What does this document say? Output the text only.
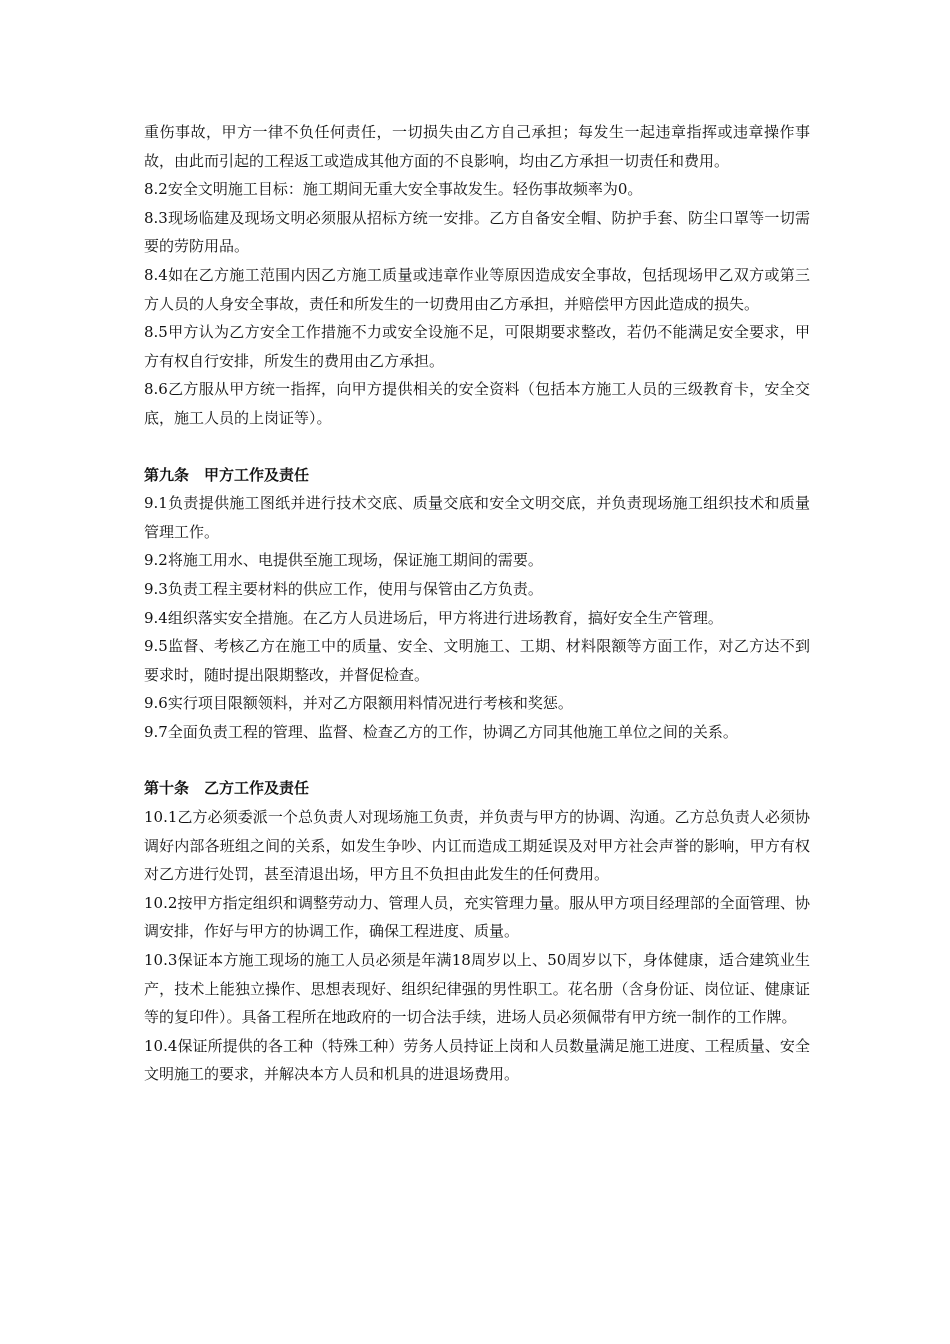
重伤事故，甲方一律不负任何责任，一切损失由乙方自己承担；每发生一起违章指挥或违章操作事故，由此而引起的工程返工或造成其他方面的不良影响，均由乙方承担一切责任和费用。

8.2安全文明施工目标：施工期间无重大安全事故发生。轻伤事故频率为0。

8.3现场临建及现场文明必须服从招标方统一安排。乙方自备安全帽、防护手套、防尘口罩等一切需要的劳防用品。

8.4如在乙方施工范围内因乙方施工质量或违章作业等原因造成安全事故，包括现场甲乙双方或第三方人员的人身安全事故，责任和所发生的一切费用由乙方承担，并赔偿甲方因此造成的损失。

8.5甲方认为乙方安全工作措施不力或安全设施不足，可限期要求整改，若仍不能满足安全要求，甲方有权自行安排，所发生的费用由乙方承担。

8.6乙方服从甲方统一指挥，向甲方提供相关的安全资料（包括本方施工人员的三级教育卡，安全交底，施工人员的上岗证等）。

第九条　甲方工作及责任

9.1负责提供施工图纸并进行技术交底、质量交底和安全文明交底，并负责现场施工组织技术和质量管理工作。

9.2将施工用水、电提供至施工现场，保证施工期间的需要。

9.3负责工程主要材料的供应工作，使用与保管由乙方负责。

9.4组织落实安全措施。在乙方人员进场后，甲方将进行进场教育，搞好安全生产管理。

9.5监督、考核乙方在施工中的质量、安全、文明施工、工期、材料限额等方面工作，对乙方达不到要求时，随时提出限期整改，并督促检查。

9.6实行项目限额领料，并对乙方限额用料情况进行考核和奖惩。

9.7全面负责工程的管理、监督、检查乙方的工作，协调乙方同其他施工单位之间的关系。

第十条　乙方工作及责任

10.1乙方必须委派一个总负责人对现场施工负责，并负责与甲方的协调、沟通。乙方总负责人必须协调好内部各班组之间的关系，如发生争吵、内讧而造成工期延误及对甲方社会声誉的影响，甲方有权对乙方进行处罚，甚至清退出场，甲方且不负担由此发生的任何费用。

10.2按甲方指定组织和调整劳动力、管理人员，充实管理力量。服从甲方项目经理部的全面管理、协调安排，作好与甲方的协调工作，确保工程进度、质量。

10.3保证本方施工现场的施工人员必须是年满18周岁以上、50周岁以下，身体健康，适合建筑业生产，技术上能独立操作、思想表现好、组织纪律强的男性职工。花名册（含身份证、岗位证、健康证等的复印件）。具备工程所在地政府的一切合法手续，进场人员必须佩带有甲方统一制作的工作牌。

10.4保证所提供的各工种（特殊工种）劳务人员持证上岗和人员数量满足施工进度、工程质量、安全文明施工的要求，并解决本方人员和机具的进退场费用。
